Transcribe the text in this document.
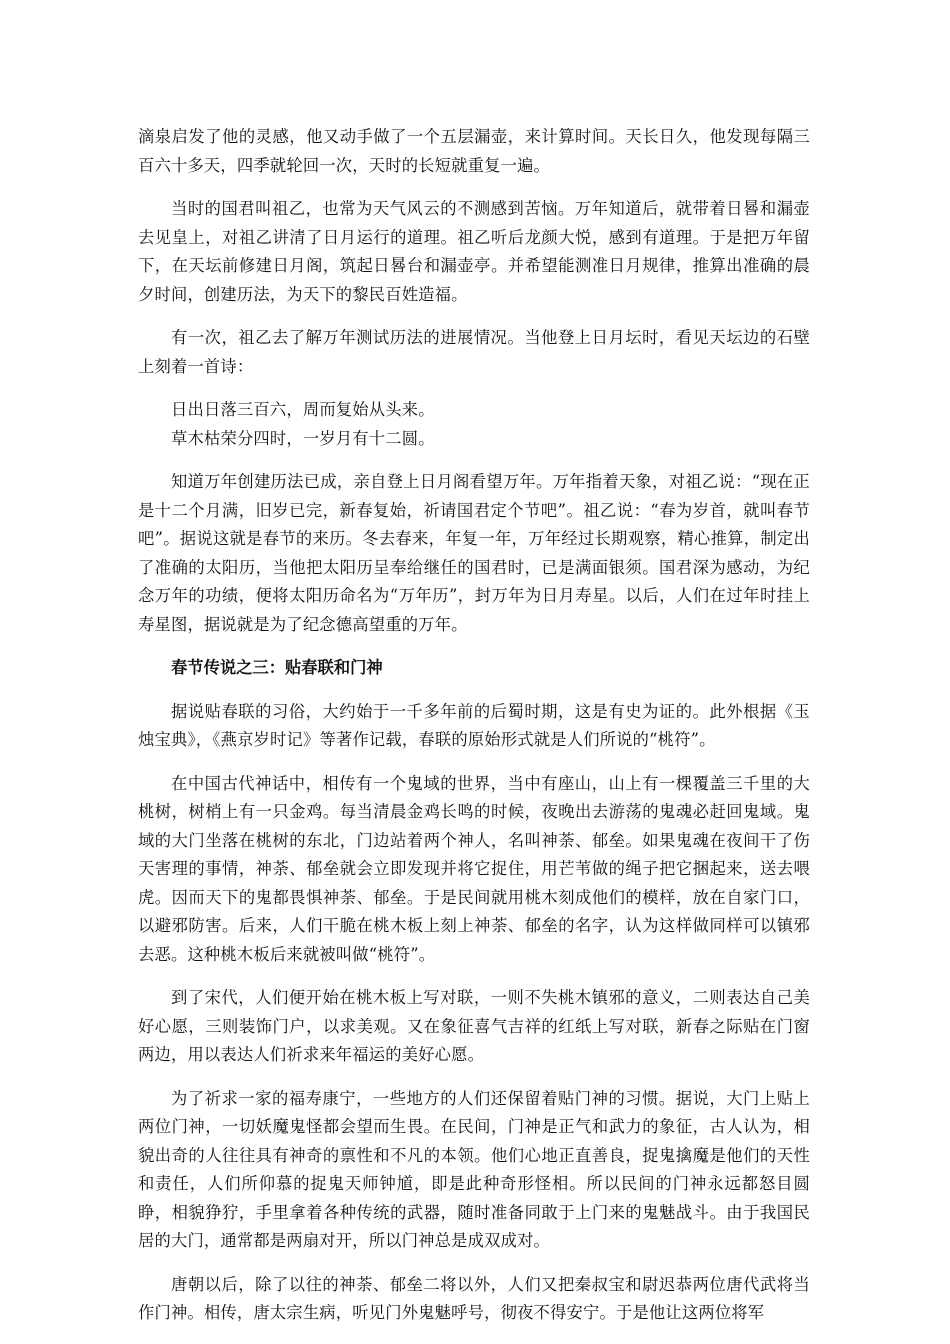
滴泉启发了他的灵感，他又动手做了一个五层漏壶，来计算时间。天长日久，他发现每隔三百六十多天，四季就轮回一次，天时的长短就重复一遍。

当时的国君叫祖乙，也常为天气风云的不测感到苦恼。万年知道后，就带着日晷和漏壶去见皇上，对祖乙讲清了日月运行的道理。祖乙听后龙颜大悦，感到有道理。于是把万年留下，在天坛前修建日月阁，筑起日晷台和漏壶亭。并希望能测准日月规律，推算出准确的晨夕时间，创建历法，为天下的黎民百姓造福。

有一次，祖乙去了解万年测试历法的进展情况。当他登上日月坛时，看见天坛边的石壁上刻着一首诗：

日出日落三百六，周而复始从头来。
草木枯荣分四时，一岁月有十二圆。

知道万年创建历法已成，亲自登上日月阁看望万年。万年指着天象，对祖乙说：“现在正是十二个月满，旧岁已完，新春复始，祈请国君定个节吧”。祖乙说：“春为岁首，就叫春节吧”。据说这就是春节的来历。冬去春来，年复一年，万年经过长期观察，精心推算，制定出了准确的太阳历，当他把太阳历呈奉给继任的国君时，已是满面银须。国君深为感动，为纪念万年的功绩，便将太阳历命名为“万年历”，封万年为日月寿星。以后，人们在过年时挂上寿星图，据说就是为了纪念德高望重的万年。

春节传说之三：贴春联和门神

据说贴春联的习俗，大约始于一千多年前的后蜀时期，这是有史为证的。此外根据《玉烛宝典》，《燕京岁时记》等著作记载，春联的原始形式就是人们所说的“桃符”。

在中国古代神话中，相传有一个鬼域的世界，当中有座山，山上有一棵覆盖三千里的大桃树，树梢上有一只金鸡。每当清晨金鸡长鸣的时候，夜晚出去游荡的鬼魂必赶回鬼域。鬼域的大门坐落在桃树的东北，门边站着两个神人，名叫神荼、郁垒。如果鬼魂在夜间干了伤天害理的事情，神荼、郁垒就会立即发现并将它捉住，用芒苇做的绳子把它捆起来，送去喂虎。因而天下的鬼都畏惧神荼、郁垒。于是民间就用桃木刻成他们的模样，放在自家门口，以避邪防害。后来，人们干脆在桃木板上刻上神荼、郁垒的名字，认为这样做同样可以镇邪去恶。这种桃木板后来就被叫做“桃符”。

到了宋代，人们便开始在桃木板上写对联，一则不失桃木镇邪的意义，二则表达自己美好心愿，三则装饰门户，以求美观。又在象征喜气吉祥的红纸上写对联，新春之际贴在门窗两边，用以表达人们祈求来年福运的美好心愿。

为了祈求一家的福寿康宁，一些地方的人们还保留着贴门神的习惯。据说，大门上贴上两位门神，一切妖魔鬼怪都会望而生畏。在民间，门神是正气和武力的象征，古人认为，相貌出奇的人往往具有神奇的禀性和不凡的本领。他们心地正直善良，捉鬼擒魔是他们的天性和责任，人们所仰慕的捉鬼天师钟馗，即是此种奇形怪相。所以民间的门神永远都怒目圆睁，相貌狰狞，手里拿着各种传统的武器，随时准备同敢于上门来的鬼魅战斗。由于我国民居的大门，通常都是两扇对开，所以门神总是成双成对。

唐朝以后，除了以往的神荼、郁垒二将以外，人们又把秦叔宝和尉迟恭两位唐代武将当作门神。相传，唐太宗生病，听见门外鬼魅呼号，彻夜不得安宁。于是他让这两位将军
